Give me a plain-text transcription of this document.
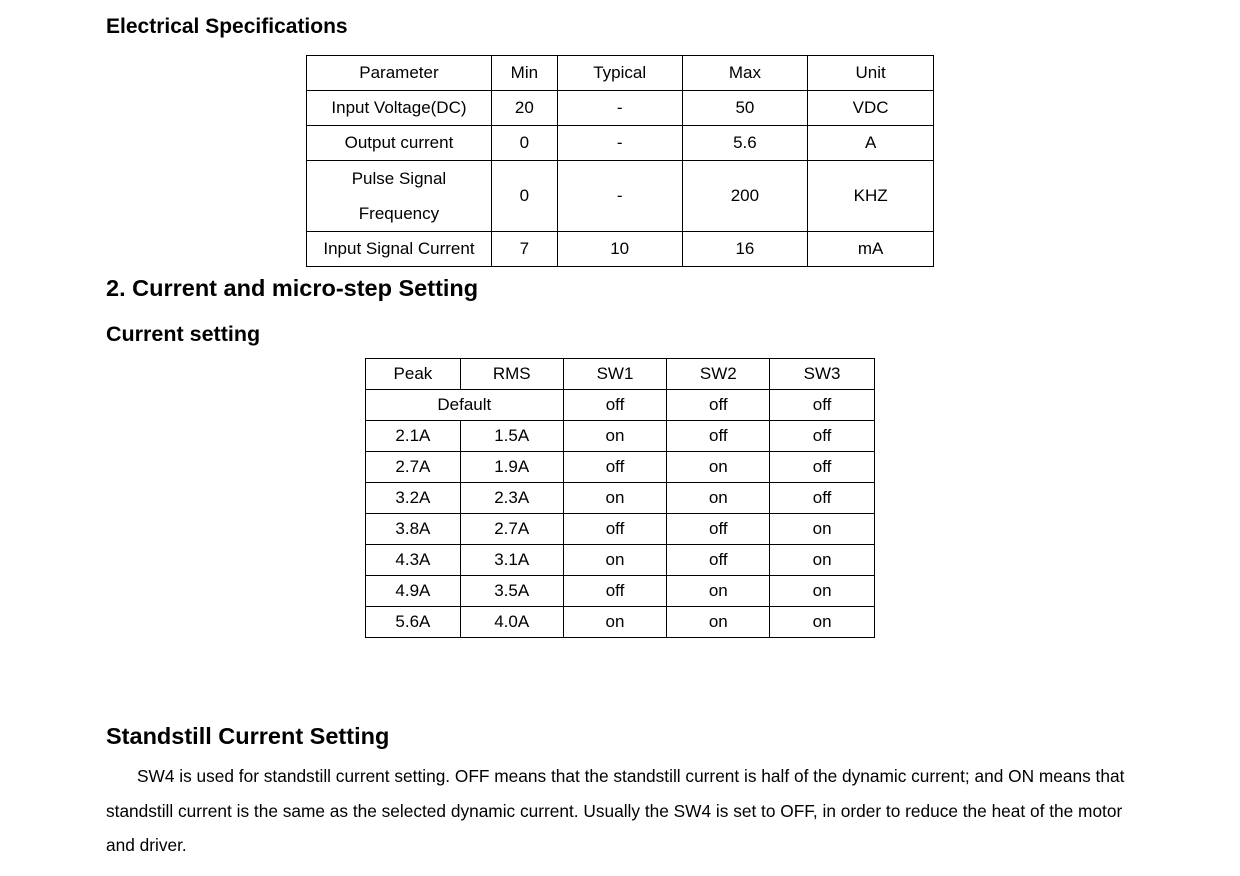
Electrical Specifications
Parameter	Min	Typical	Max	Unit
Input Voltage(DC)	20	-	50	VDC
Output current	0	-	5.6	A
Pulse Signal Frequency	0	-	200	KHZ
Input Signal Current	7	10	16	mA
2. Current and micro-step Setting
Current setting
Peak	RMS	SW1	SW2	SW3
Default		off	off	off
2.1A	1.5A	on	off	off
2.7A	1.9A	off	on	off
3.2A	2.3A	on	on	off
3.8A	2.7A	off	off	on
4.3A	3.1A	on	off	on
4.9A	3.5A	off	on	on
5.6A	4.0A	on	on	on
Standstill Current Setting

SW4 is used for standstill current setting. OFF means that the standstill current is half of the dynamic current; and ON means that standstill current is the same as the selected dynamic current. Usually the SW4 is set to OFF, in order to reduce the heat of the motor and driver.
